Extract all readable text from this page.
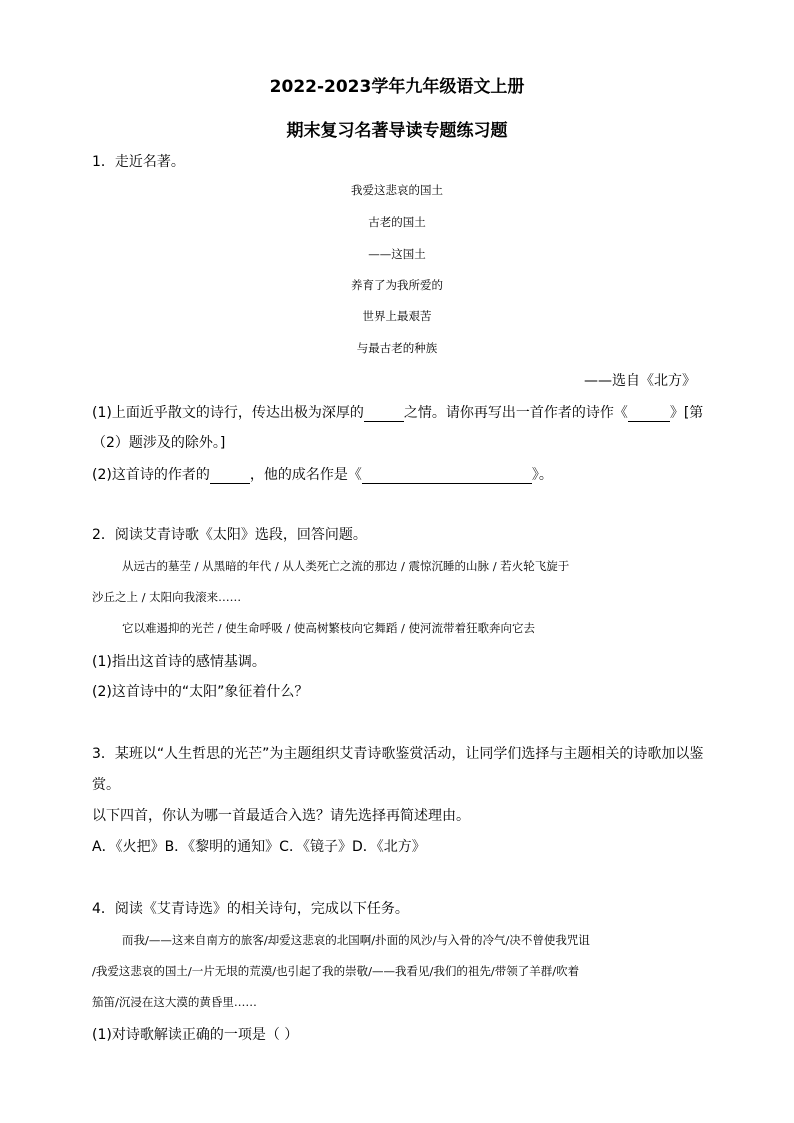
2022-2023学年九年级语文上册
期末复习名著导读专题练习题
1．走近名著。
我爱这悲哀的国土
古老的国土
——这国土
养育了为我所爱的
世界上最艰苦
与最古老的种族
——选自《北方》
(1)上面近乎散文的诗行，传达出极为深厚的	之情。请你再写出一首作者的诗作《	》[第
（2）题涉及的除外。]
(2)这首诗的作者的	，他的成名作是《	》。
2．阅读艾青诗歌《太阳》选段，回答问题。
从远古的墓茔 / 从黑暗的年代 / 从人类死亡之流的那边 / 震惊沉睡的山脉 / 若火轮飞旋于
沙丘之上 / 太阳向我滚来……
它以难遏抑的光芒 / 使生命呼吸 / 使高树繁枝向它舞蹈 / 使河流带着狂歌奔向它去
(1)指出这首诗的感情基调。
(2)这首诗中的“太阳”象征着什么？
3．某班以“人生哲思的光芒”为主题组织艾青诗歌鉴赏活动，让同学们选择与主题相关的诗歌加以鉴
赏。
以下四首，你认为哪一首最适合入选？请先选择再简述理由。
A．《火把》B．《黎明的通知》C．《镜子》D．《北方》
4．阅读《艾青诗选》的相关诗句，完成以下任务。
而我/——这来自南方的旅客/却爱这悲哀的北国啊/扑面的风沙/与入骨的冷气/决不曾使我咒诅
/我爱这悲哀的国土/一片无垠的荒漠/也引起了我的崇敬/——我看见/我们的祖先/带领了羊群/吹着
笳笛/沉浸在这大漠的黄昏里……
(1)对诗歌解读正确的一项是（ ）
